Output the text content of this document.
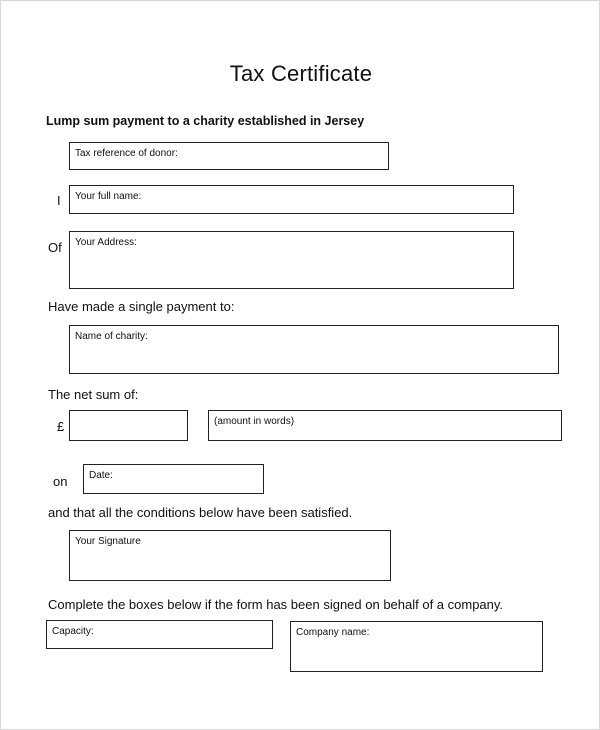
Tax Certificate
Lump sum payment to a charity established in Jersey
Tax reference of donor:
I Your full name:
Of Your Address:
Have made a single payment to:
Name of charity:
The net sum of:
£	(amount in words)
on Date:
and that all the conditions below have been satisfied.
Your Signature
Complete the boxes below if the form has been signed on behalf of a company.
Capacity:	Company name:
